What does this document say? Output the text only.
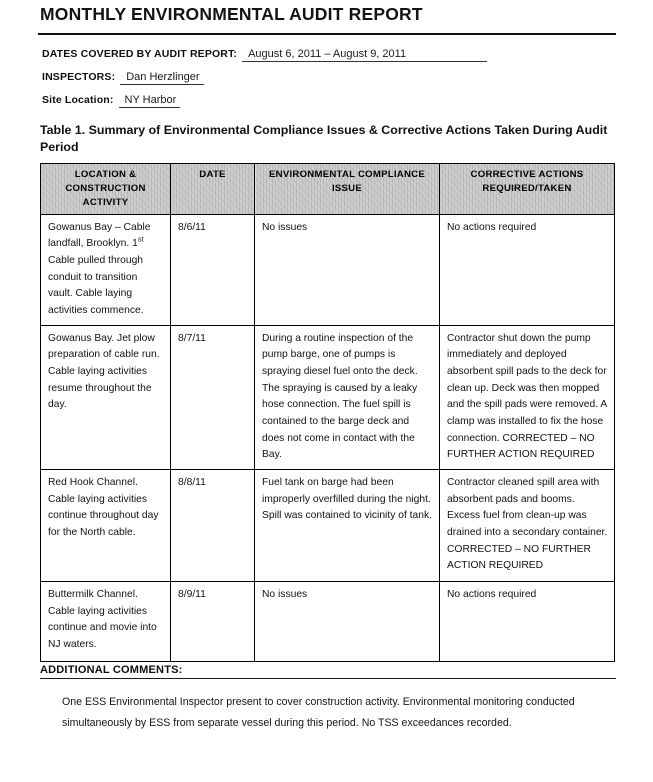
MONTHLY ENVIRONMENTAL AUDIT REPORT
DATES COVERED BY AUDIT REPORT:	August 6, 2011 – August 9, 2011
INSPECTORS:	Dan Herzlinger
Site Location:	NY Harbor
Table 1. Summary of Environmental Compliance Issues & Corrective Actions Taken During Audit Period
LOCATION & CONSTRUCTION ACTIVITY	DATE	ENVIRONMENTAL COMPLIANCE ISSUE	CORRECTIVE ACTIONS REQUIRED/TAKEN
Gowanus Bay – Cable landfall, Brooklyn. 1st Cable pulled through conduit to transition vault. Cable laying activities commence.	8/6/11	No issues	No actions required
Gowanus Bay. Jet plow preparation of cable run. Cable laying activities resume throughout the day.	8/7/11	During a routine inspection of the pump barge, one of pumps is spraying diesel fuel onto the deck. The spraying is caused by a leaky hose connection. The fuel spill is contained to the barge deck and does not come in contact with the Bay.	Contractor shut down the pump immediately and deployed absorbent spill pads to the deck for clean up. Deck was then mopped and the spill pads were removed. A clamp was installed to fix the hose connection. CORRECTED – NO FURTHER ACTION REQUIRED
Red Hook Channel. Cable laying activities continue throughout day for the North cable.	8/8/11	Fuel tank on barge had been improperly overfilled during the night. Spill was contained to vicinity of tank.	Contractor cleaned spill area with absorbent pads and booms. Excess fuel from clean-up was drained into a secondary container. CORRECTED – NO FURTHER ACTION REQUIRED
Buttermilk Channel. Cable laying activities continue and movie into NJ waters.	8/9/11	No issues	No actions required
ADDITIONAL COMMENTS:
One ESS Environmental Inspector present to cover construction activity. Environmental monitoring conducted simultaneously by ESS from separate vessel during this period. No TSS exceedances recorded.
